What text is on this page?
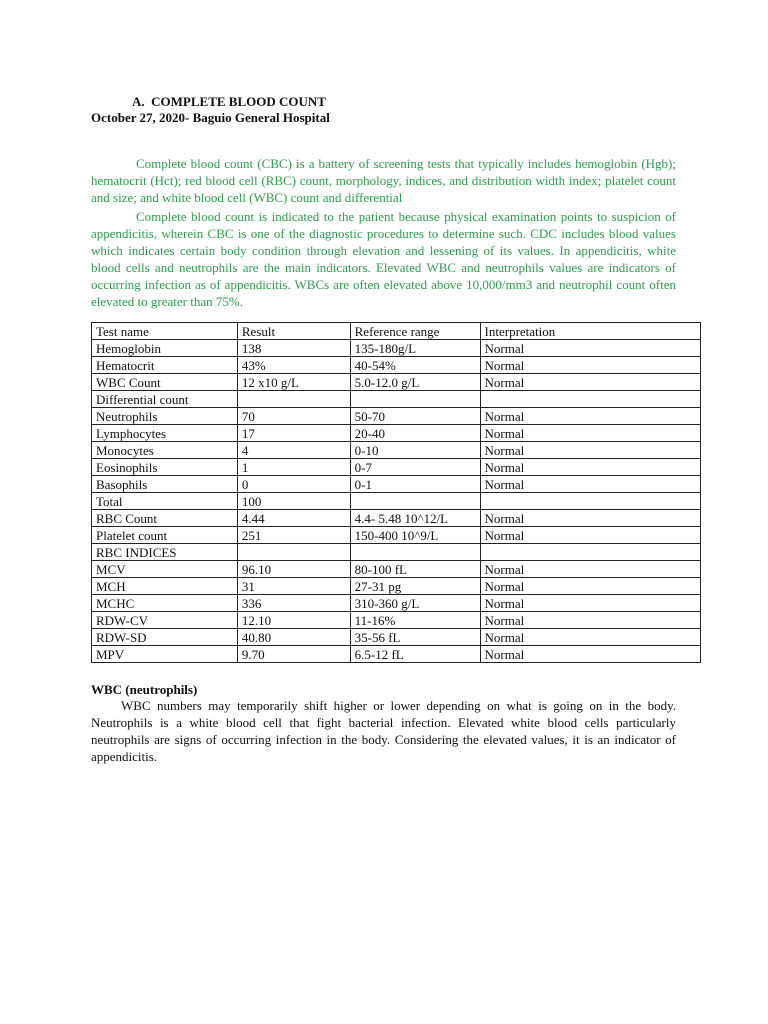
A.  COMPLETE BLOOD COUNT

October 27, 2020- Baguio General Hospital

Complete blood count (CBC) is a battery of screening tests that typically includes hemoglobin (Hgb); hematocrit (Hct); red blood cell (RBC) count, morphology, indices, and distribution width index; platelet count and size; and white blood cell (WBC) count and differential

Complete blood count is indicated to the patient because physical examination points to suspicion of appendicitis, wherein CBC is one of the diagnostic procedures to determine such. CDC includes blood values which indicates certain body condition through elevation and lessening of its values. In appendicitis, white blood cells and neutrophils are the main indicators. Elevated WBC and neutrophils values are indicators of occurring infection as of appendicitis. WBCs are often elevated above 10,000/mm3 and neutrophil count often elevated to greater than 75%.

Test name	Result	Reference range	Interpretation
Hemoglobin	138	135-180g/L	Normal
Hematocrit	43%	40-54%	Normal
WBC Count	12 x10 g/L	5.0-12.0 g/L	Normal
Differential count			
Neutrophils	70	50-70	Normal
Lymphocytes	17	20-40	Normal
Monocytes	4	0-10	Normal
Eosinophils	1	0-7	Normal
Basophils	0	0-1	Normal
Total	100		
RBC Count	4.44	4.4- 5.48 10^12/L	Normal
Platelet count	251	150-400 10^9/L	Normal
RBC INDICES			
MCV	96.10	80-100 fL	Normal
MCH	31	27-31 pg	Normal
MCHC	336	310-360 g/L	Normal
RDW-CV	12.10	11-16%	Normal
RDW-SD	40.80	35-56 fL	Normal
MPV	9.70	6.5-12 fL	Normal

WBC (neutrophils)

WBC numbers may temporarily shift higher or lower depending on what is going on in the body. Neutrophils is a white blood cell that fight bacterial infection. Elevated white blood cells particularly neutrophils are signs of occurring infection in the body. Considering the elevated values, it is an indicator of appendicitis.
